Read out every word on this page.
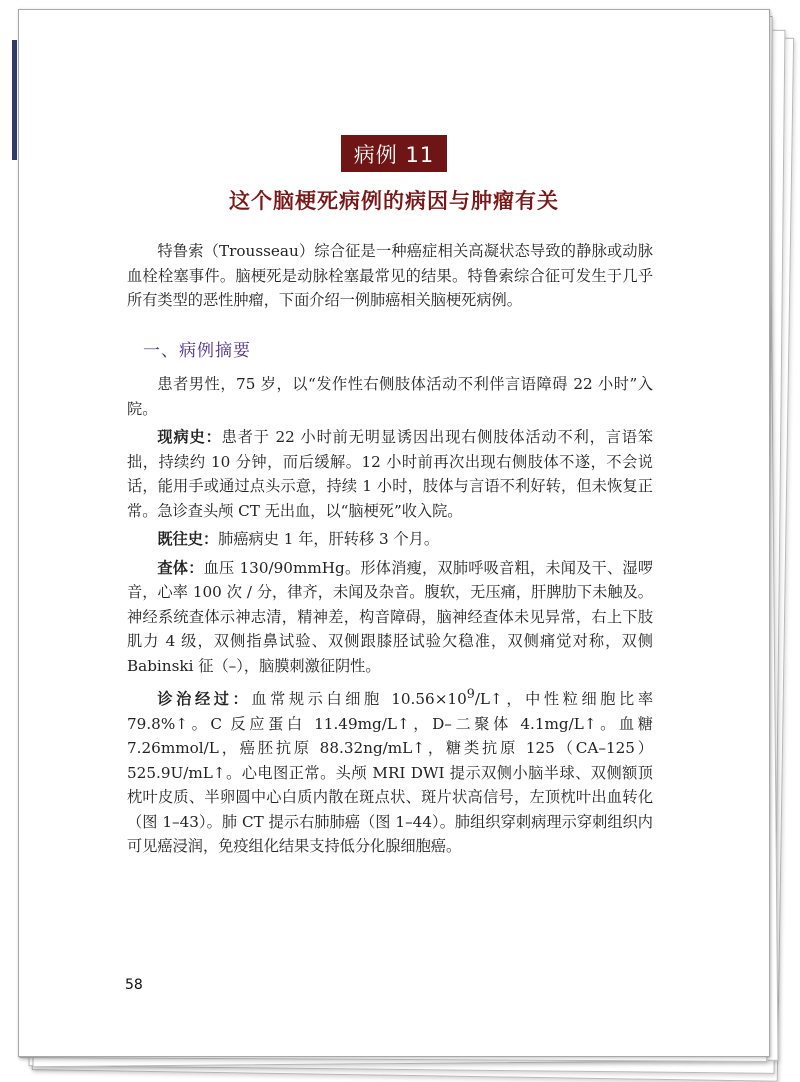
病例 11
这个脑梗死病例的病因与肿瘤有关

特鲁索（Trousseau）综合征是一种癌症相关高凝状态导致的静脉或动脉血栓栓塞事件。脑梗死是动脉栓塞最常见的结果。特鲁索综合征可发生于几乎所有类型的恶性肿瘤，下面介绍一例肺癌相关脑梗死病例。

一、病例摘要

患者男性，75 岁，以“发作性右侧肢体活动不利伴言语障碍 22 小时”入院。

现病史：患者于 22 小时前无明显诱因出现右侧肢体活动不利，言语笨拙，持续约 10 分钟，而后缓解。12 小时前再次出现右侧肢体不遂，不会说话，能用手或通过点头示意，持续 1 小时，肢体与言语不利好转，但未恢复正常。急诊查头颅 CT 无出血，以“脑梗死”收入院。

既往史：肺癌病史 1 年，肝转移 3 个月。

查体：血压 130/90mmHg。形体消瘦，双肺呼吸音粗，未闻及干、湿啰音，心率 100 次 / 分，律齐，未闻及杂音。腹软，无压痛，肝脾肋下未触及。神经系统查体示神志清，精神差，构音障碍，脑神经查体未见异常，右上下肢肌力 4 级，双侧指鼻试验、双侧跟膝胫试验欠稳准，双侧痛觉对称，双侧 Babinski 征（–），脑膜刺激征阴性。

诊治经过：血常规示白细胞 $10.56\times 10^9/L↑$，中性粒细胞比率 79.8%↑。C 反应蛋白 11.49mg/L↑，D–二聚体 4.1mg/L↑。血糖 7.26mmol/L，癌胚抗原 88.32ng/mL↑，糖类抗原 125（CA–125）525.9U/mL↑。心电图正常。头颅 MRI DWI 提示双侧小脑半球、双侧额顶枕叶皮质、半卵圆中心白质内散在斑点状、斑片状高信号，左顶枕叶出血转化（图 1–43）。肺 CT 提示右肺肺癌（图 1–44）。肺组织穿刺病理示穿刺组织内可见癌浸润，免疫组化结果支持低分化腺细胞癌。

58
